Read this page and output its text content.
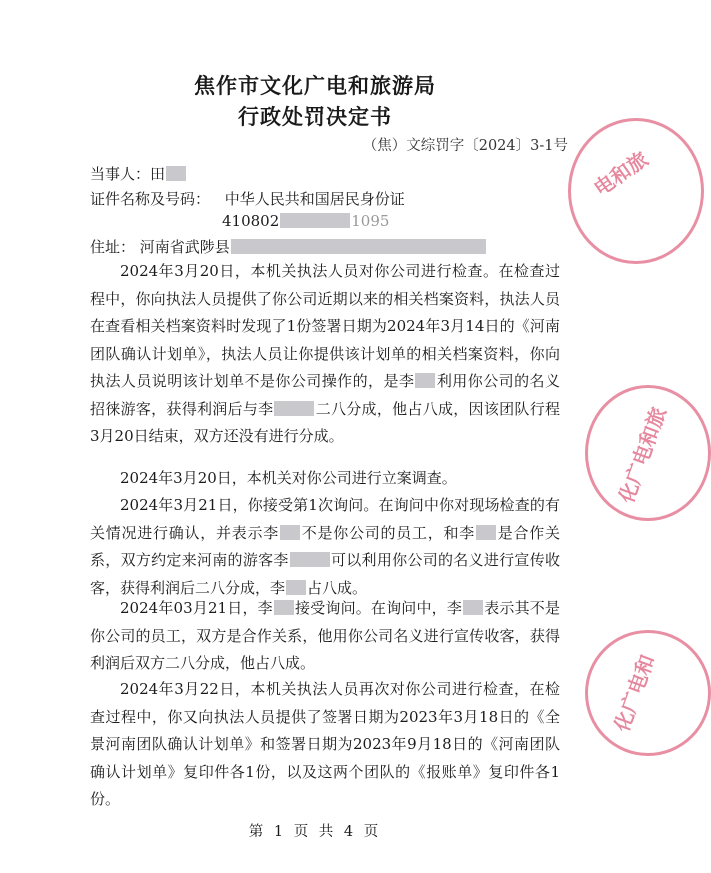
焦作市文化广电和旅游局
行政处罚决定书
（焦）文综罚字〔2024〕3-1号
当事人：田
证件名称及号码： 中华人民共和国居民身份证
410802	1095
住址： 河南省武陟县
2024年3月20日，本机关执法人员对你公司进行检查。在检查过程中，你向执法人员提供了你公司近期以来的相关档案资料，执法人员在查看相关档案资料时发现了1份签署日期为2024年3月14日的《河南团队确认计划单》，执法人员让你提供该计划单的相关档案资料，你向执法人员说明该计划单不是你公司操作的，是李 利用你公司的名义招徕游客，获得利润后与李	二八分成，他占八成，因该团队行程3月20日结束，双方还没有进行分成。
2024年3月20日，本机关对你公司进行立案调查。
2024年3月21日，你接受第1次询问。在询问中你对现场检查的有关情况进行确认，并表示李 不是你公司的员工，和李 是合作关系，双方约定来河南的游客李	可以利用你公司的名义进行宣传收客，获得利润后二八分成，李 占八成。
2024年03月21日，李 接受询问。在询问中，李 表示其不是你公司的员工，双方是合作关系，他用你公司名义进行宣传收客，获得利润后双方二八分成，他占八成。
2024年3月22日，本机关执法人员再次对你公司进行检查，在检查过程中，你又向执法人员提供了签署日期为2023年3月18日的《全景河南团队确认计划单》和签署日期为2023年9月18日的《河南团队确认计划单》复印件各1份，以及这两个团队的《报账单》复印件各1份。
第 1 页 共 4 页
电和旅
化广电和旅
化广电和
